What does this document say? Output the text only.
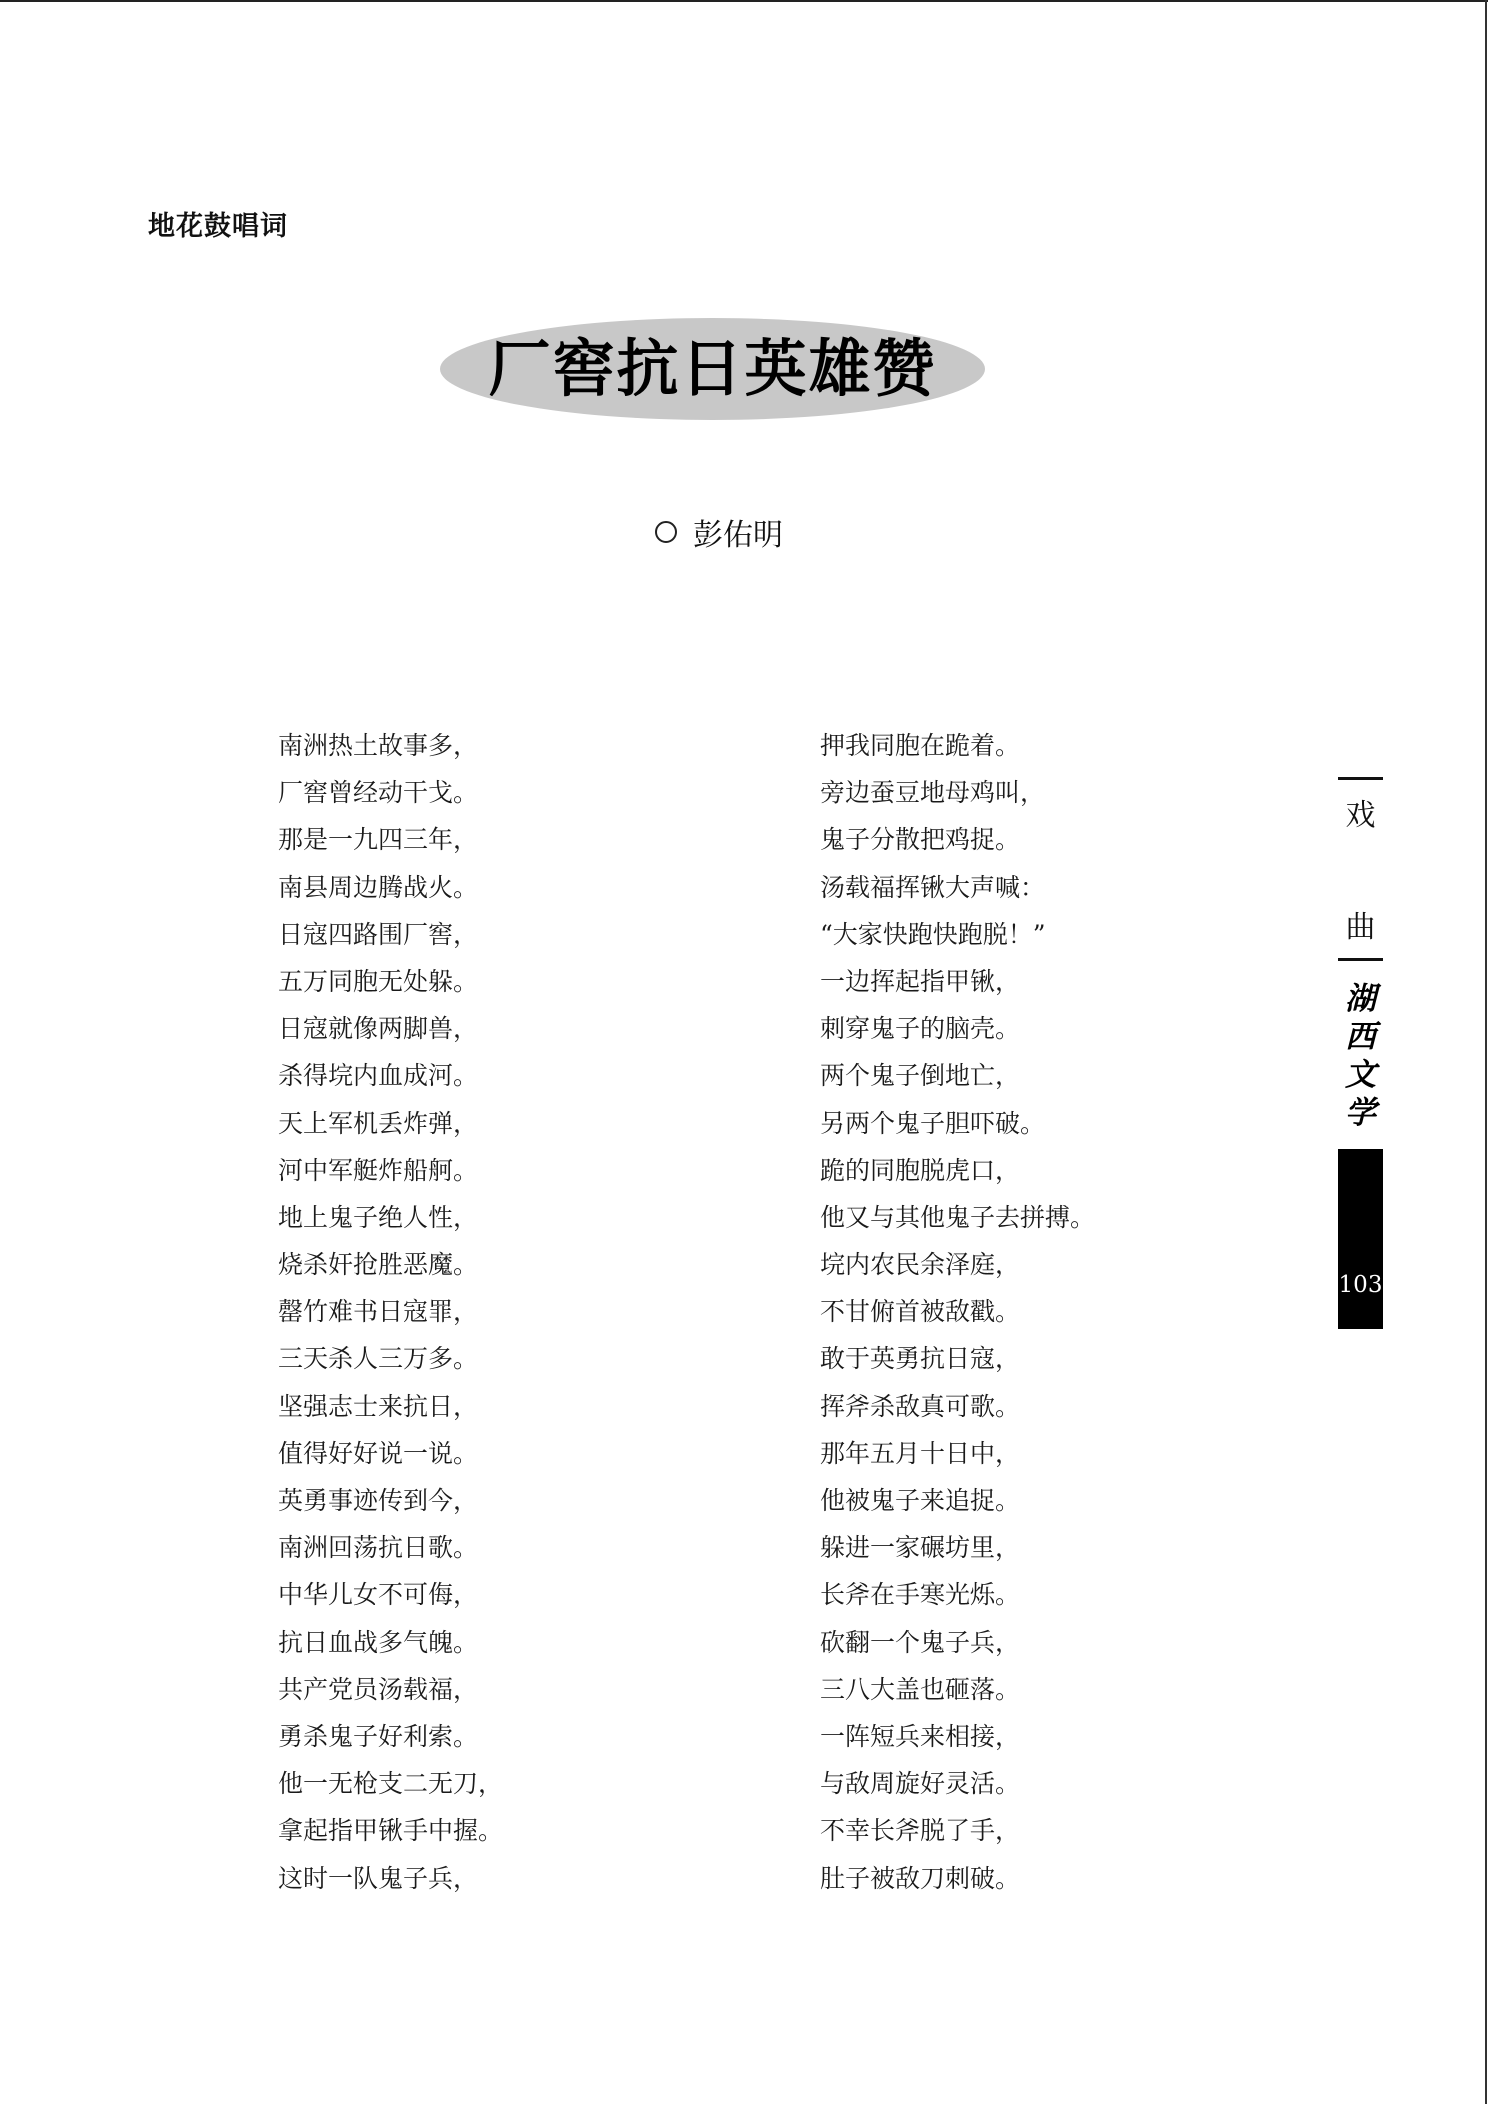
地花鼓唱词
厂窖抗日英雄赞
彭佑明
南洲热土故事多，
厂窖曾经动干戈。
那是一九四三年，
南县周边腾战火。
日寇四路围厂窖，
五万同胞无处躲。
日寇就像两脚兽，
杀得垸内血成河。
天上军机丢炸弹，
河中军艇炸船舸。
地上鬼子绝人性，
烧杀奸抢胜恶魔。
罄竹难书日寇罪，
三天杀人三万多。
坚强志士来抗日，
值得好好说一说。
英勇事迹传到今，
南洲回荡抗日歌。
中华儿女不可侮，
抗日血战多气魄。
共产党员汤载福，
勇杀鬼子好利索。
他一无枪支二无刀，
拿起指甲锹手中握。
这时一队鬼子兵，
押我同胞在跪着。
旁边蚕豆地母鸡叫，
鬼子分散把鸡捉。
汤载福挥锹大声喊：
“大家快跑快跑脱！”
一边挥起指甲锹，
刺穿鬼子的脑壳。
两个鬼子倒地亡，
另两个鬼子胆吓破。
跪的同胞脱虎口，
他又与其他鬼子去拼搏。
垸内农民余泽庭，
不甘俯首被敌戳。
敢于英勇抗日寇，
挥斧杀敌真可歌。
那年五月十日中，
他被鬼子来追捉。
躲进一家碾坊里，
长斧在手寒光烁。
砍翻一个鬼子兵，
三八大盖也砸落。
一阵短兵来相接，
与敌周旋好灵活。
不幸长斧脱了手，
肚子被敌刀刺破。
戏
曲
湖
西
文
学
103
